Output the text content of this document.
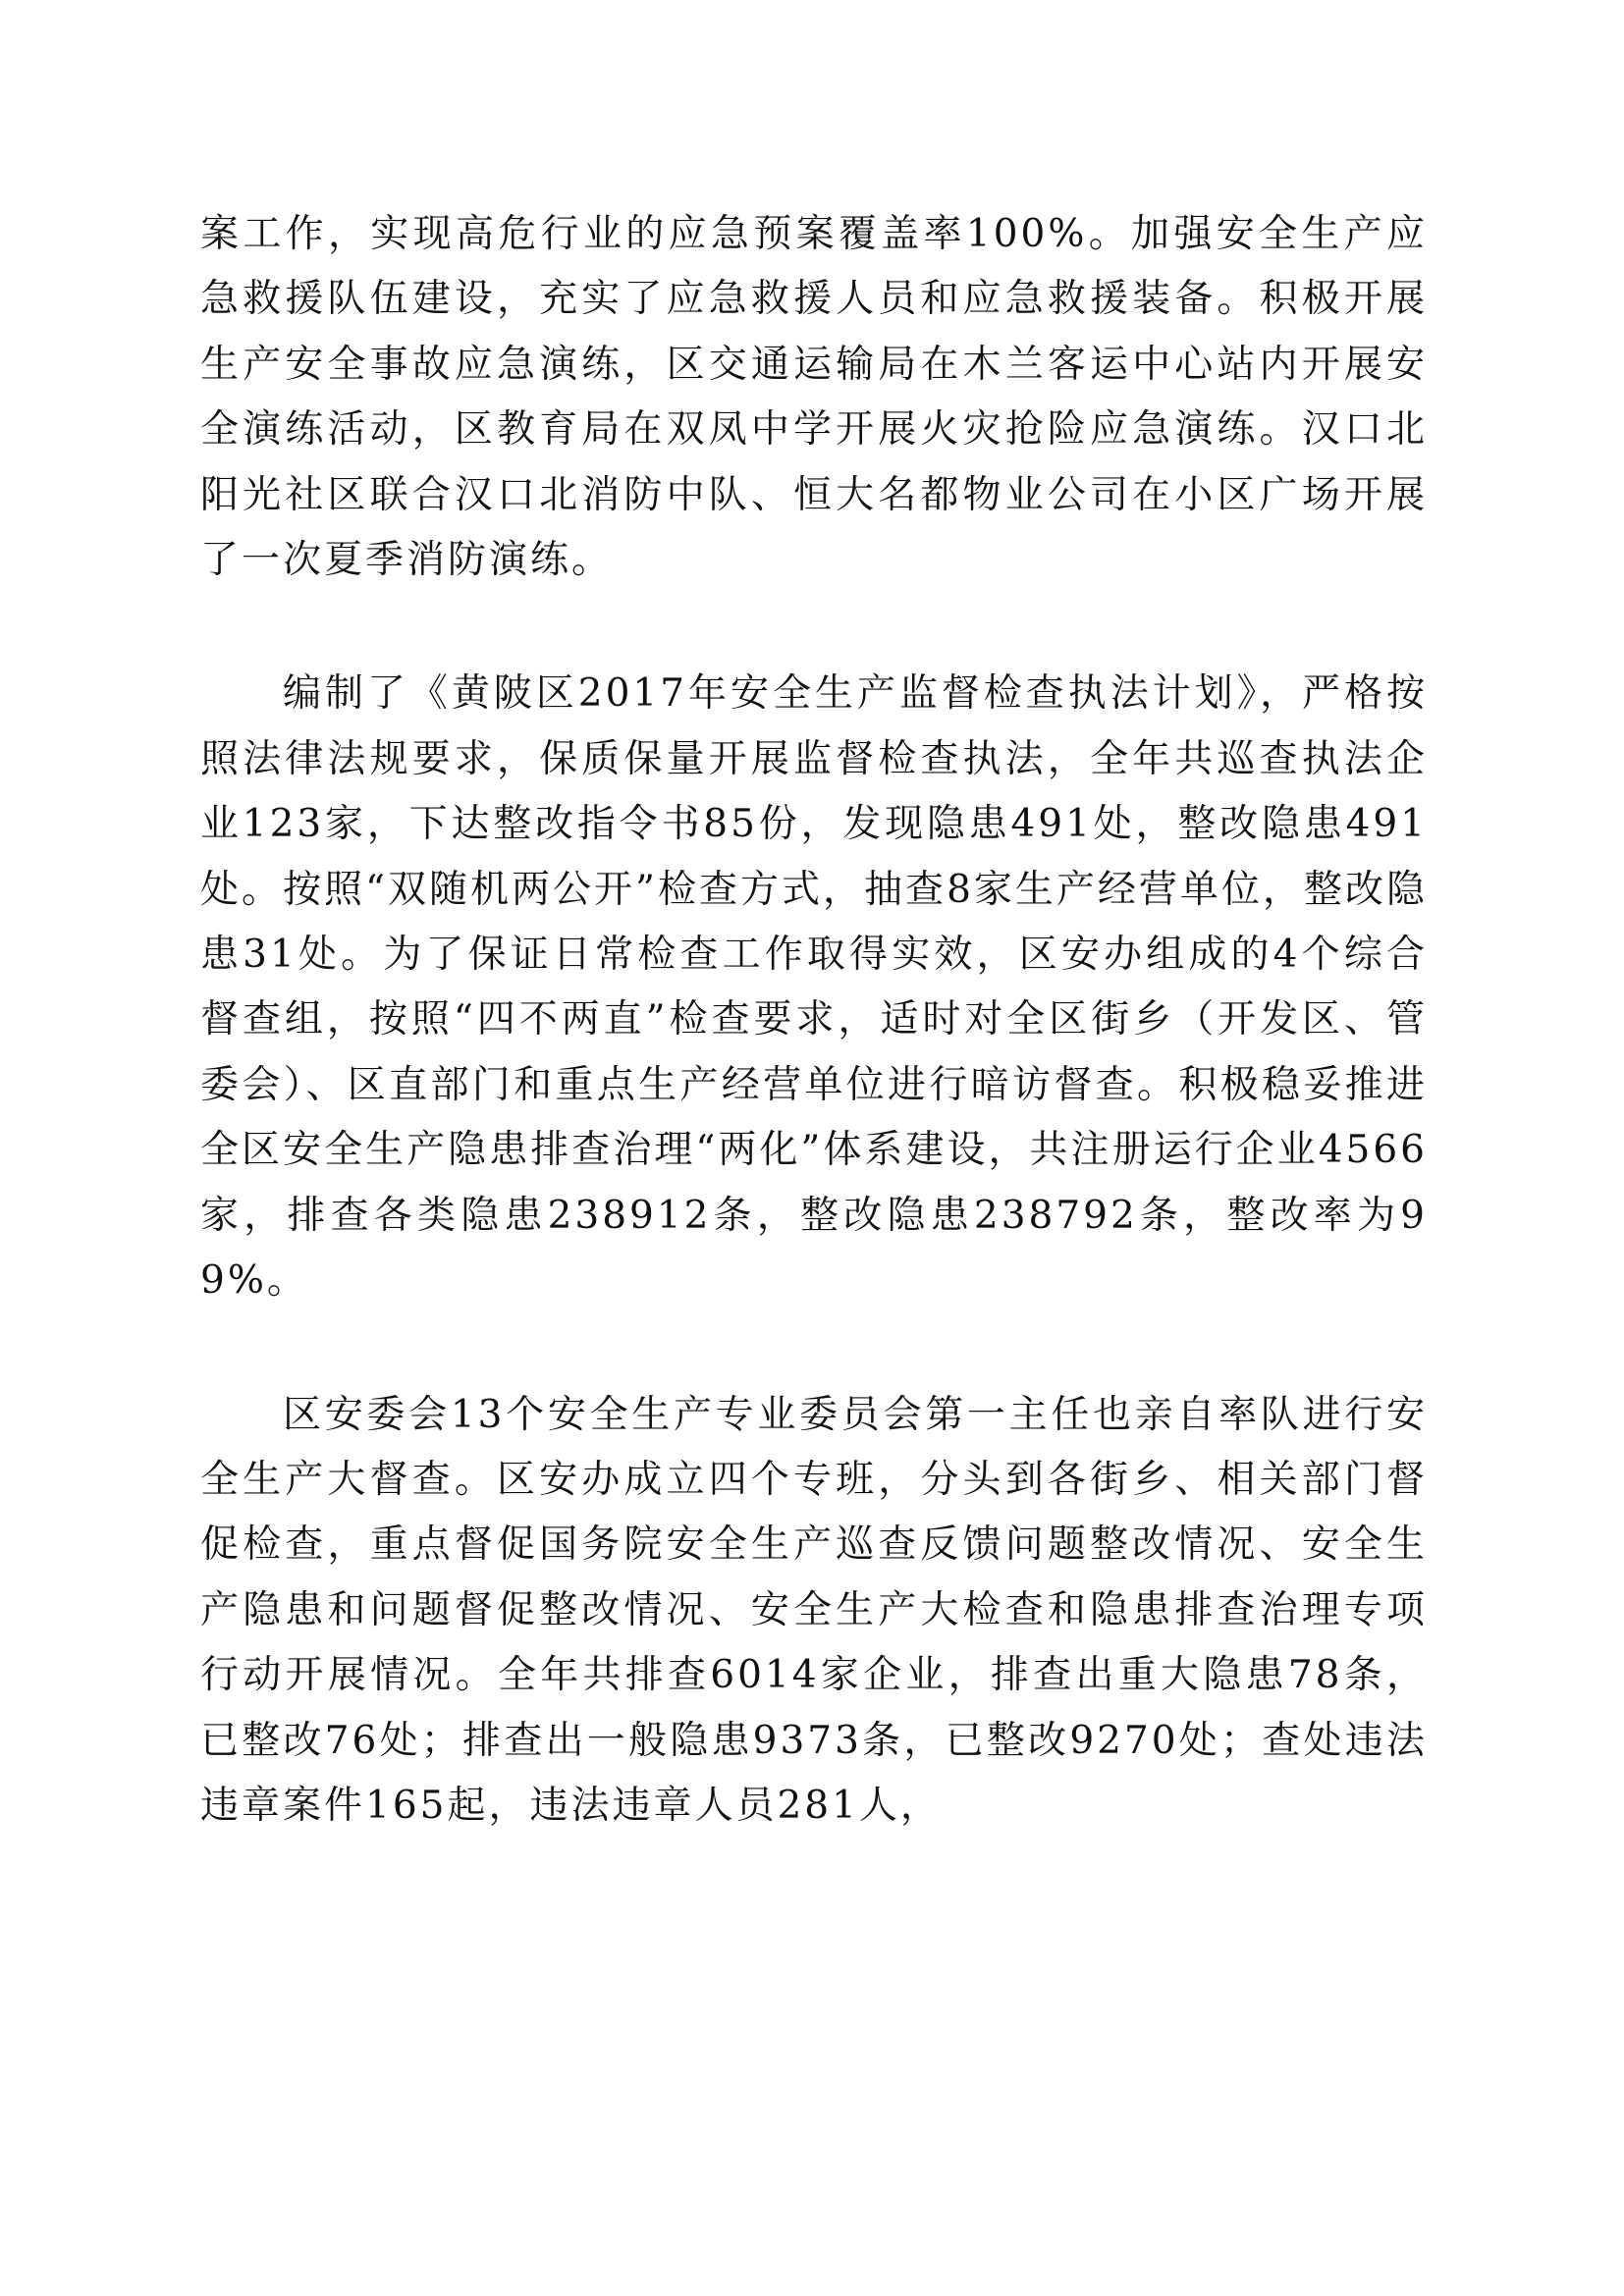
案工作，实现高危行业的应急预案覆盖率100%。加强安全生产应急救援队伍建设，充实了应急救援人员和应急救援装备。积极开展生产安全事故应急演练，区交通运输局在木兰客运中心站内开展安全演练活动，区教育局在双凤中学开展火灾抢险应急演练。汉口北阳光社区联合汉口北消防中队、恒大名都物业公司在小区广场开展了一次夏季消防演练。

编制了《黄陂区2017年安全生产监督检查执法计划》，严格按照法律法规要求，保质保量开展监督检查执法，全年共巡查执法企业123家，下达整改指令书85份，发现隐患491处，整改隐患491处。按照“双随机两公开”检查方式，抽查8家生产经营单位，整改隐患31处。为了保证日常检查工作取得实效，区安办组成的4个综合督查组，按照“四不两直”检查要求，适时对全区街乡（开发区、管委会）、区直部门和重点生产经营单位进行暗访督查。积极稳妥推进全区安全生产隐患排查治理“两化”体系建设，共注册运行企业4566家，排查各类隐患238912条，整改隐患238792条，整改率为99%。

区安委会13个安全生产专业委员会第一主任也亲自率队进行安全生产大督查。区安办成立四个专班，分头到各街乡、相关部门督促检查，重点督促国务院安全生产巡查反馈问题整改情况、安全生产隐患和问题督促整改情况、安全生产大检查和隐患排查治理专项行动开展情况。全年共排查6014家企业，排查出重大隐患78条，已整改76处；排查出一般隐患9373条，已整改9270处；查处违法违章案件165起，违法违章人员281人，
